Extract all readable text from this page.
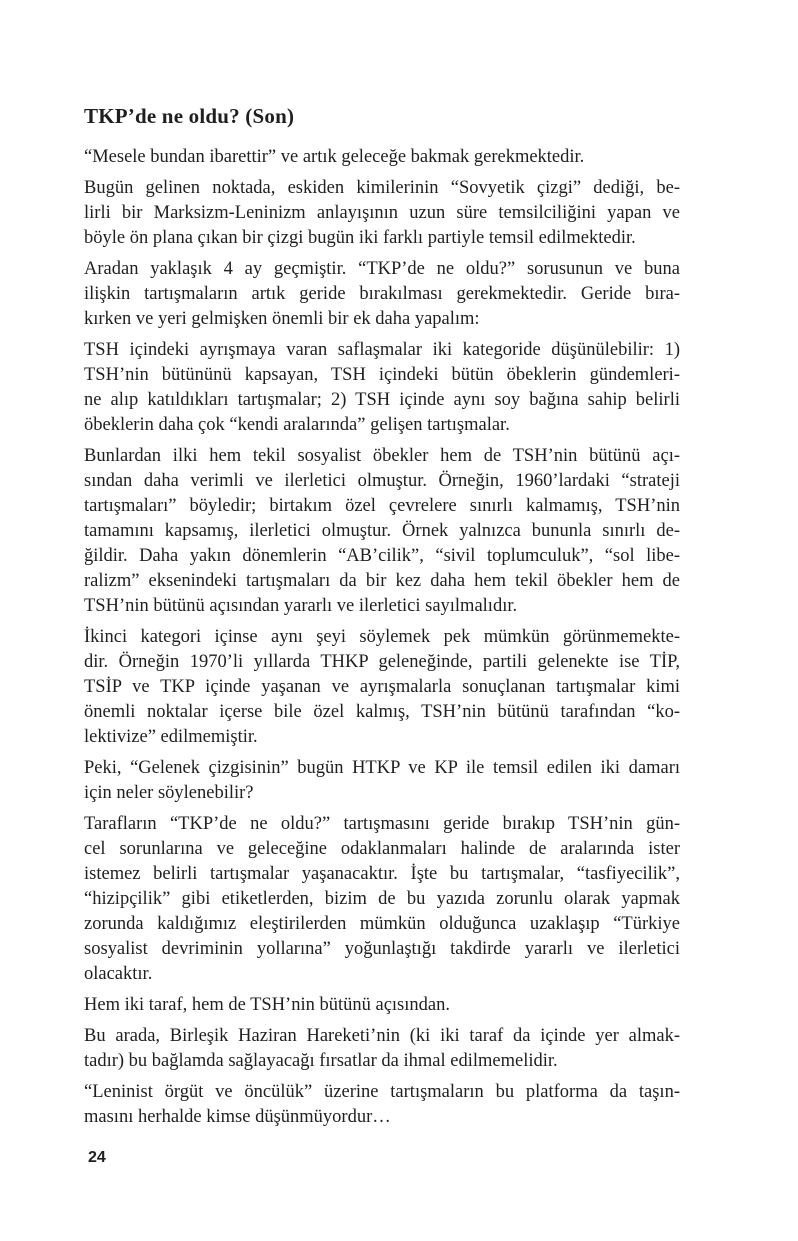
TKP’de ne oldu? (Son)
“Mesele bundan ibarettir” ve artık geleceğe bakmak gerekmektedir.
Bugün gelinen noktada, eskiden kimilerinin “Sovyetik çizgi” dediği, be-
lirli bir Marksizm-Leninizm anlayışının uzun süre temsilciliğini yapan ve
böyle ön plana çıkan bir çizgi bugün iki farklı partiyle temsil edilmektedir.
Aradan yaklaşık 4 ay geçmiştir. “TKP’de ne oldu?” sorusunun ve buna
ilişkin tartışmaların artık geride bırakılması gerekmektedir. Geride bıra-
kırken ve yeri gelmişken önemli bir ek daha yapalım:
TSH içindeki ayrışmaya varan saflaşmalar iki kategoride düşünülebilir: 1)
TSH’nin bütününü kapsayan, TSH içindeki bütün öbeklerin gündemleri-
ne alıp katıldıkları tartışmalar; 2) TSH içinde aynı soy bağına sahip belirli
öbeklerin daha çok “kendi aralarında” gelişen tartışmalar.
Bunlardan ilki hem tekil sosyalist öbekler hem de TSH’nin bütünü açı-
sından daha verimli ve ilerletici olmuştur. Örneğin, 1960’lardaki “strateji
tartışmaları” böyledir; birtakım özel çevrelere sınırlı kalmamış, TSH’nin
tamamını kapsamış, ilerletici olmuştur. Örnek yalnızca bununla sınırlı de-
ğildir. Daha yakın dönemlerin “AB’cilik”, “sivil toplumculuk”, “sol libe-
ralizm” eksenindeki tartışmaları da bir kez daha hem tekil öbekler hem de
TSH’nin bütünü açısından yararlı ve ilerletici sayılmalıdır.
İkinci kategori içinse aynı şeyi söylemek pek mümkün görünmemekte-
dir. Örneğin 1970’li yıllarda THKP geleneğinde, partili gelenekte ise TİP,
TSİP ve TKP içinde yaşanan ve ayrışmalarla sonuçlanan tartışmalar kimi
önemli noktalar içerse bile özel kalmış, TSH’nin bütünü tarafından “ko-
lektivize” edilmemiştir.
Peki, “Gelenek çizgisinin” bugün HTKP ve KP ile temsil edilen iki damarı
için neler söylenebilir?
Tarafların “TKP’de ne oldu?” tartışmasını geride bırakıp TSH’nin gün-
cel sorunlarına ve geleceğine odaklanmaları halinde de aralarında ister
istemez belirli tartışmalar yaşanacaktır. İşte bu tartışmalar, “tasfiyecilik”,
“hizipçilik” gibi etiketlerden, bizim de bu yazıda zorunlu olarak yapmak
zorunda kaldığımız eleştirilerden mümkün olduğunca uzaklaşıp “Türkiye
sosyalist devriminin yollarına” yoğunlaştığı takdirde yararlı ve ilerletici
olacaktır.
Hem iki taraf, hem de TSH’nin bütünü açısından.
Bu arada, Birleşik Haziran Hareketi’nin (ki iki taraf da içinde yer almak-
tadır) bu bağlamda sağlayacağı fırsatlar da ihmal edilmemelidir.
“Leninist örgüt ve öncülük” üzerine tartışmaların bu platforma da taşın-
masını herhalde kimse düşünmüyordur…
24
